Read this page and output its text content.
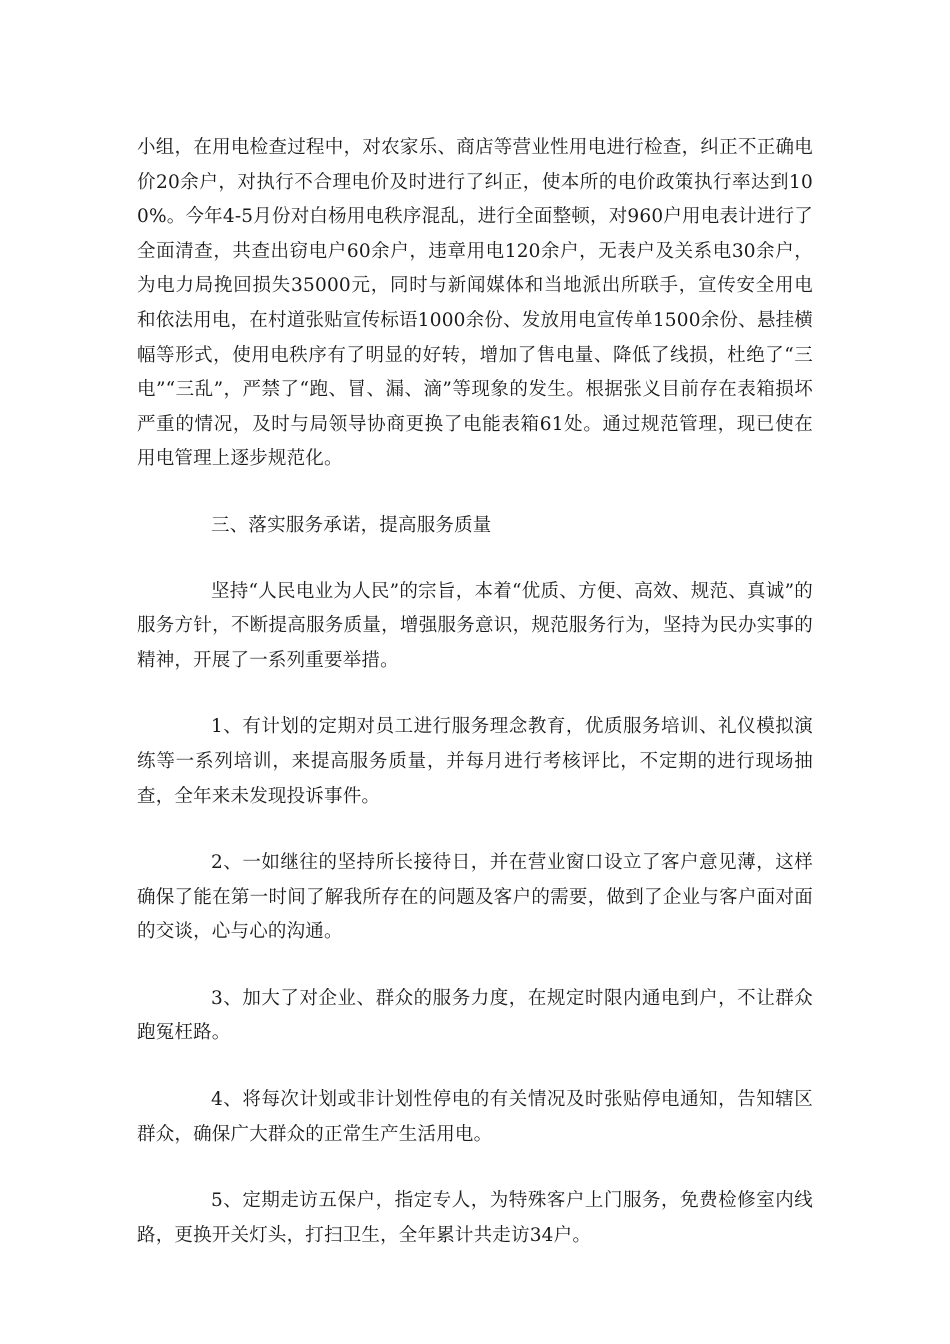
小组，在用电检查过程中，对农家乐、商店等营业性用电进行检查，纠正不正确电价20余户，对执行不合理电价及时进行了纠正，使本所的电价政策执行率达到100%。今年4-5月份对白杨用电秩序混乱，进行全面整顿，对960户用电表计进行了全面清查，共查出窃电户60余户，违章用电120余户，无表户及关系电30余户，为电力局挽回损失35000元，同时与新闻媒体和当地派出所联手，宣传安全用电和依法用电，在村道张贴宣传标语1000余份、发放用电宣传单1500余份、悬挂横幅等形式，使用电秩序有了明显的好转，增加了售电量、降低了线损，杜绝了“三电”“三乱”，严禁了“跑、冒、漏、滴”等现象的发生。根据张义目前存在表箱损坏严重的情况，及时与局领导协商更换了电能表箱61处。通过规范管理，现已使在用电管理上逐步规范化。

三、落实服务承诺，提高服务质量

坚持“人民电业为人民”的宗旨，本着“优质、方便、高效、规范、真诚”的服务方针，不断提高服务质量，增强服务意识，规范服务行为，坚持为民办实事的精神，开展了一系列重要举措。

1、有计划的定期对员工进行服务理念教育，优质服务培训、礼仪模拟演练等一系列培训，来提高服务质量，并每月进行考核评比，不定期的进行现场抽查，全年来未发现投诉事件。

2、一如继往的坚持所长接待日，并在营业窗口设立了客户意见薄，这样确保了能在第一时间了解我所存在的问题及客户的需要，做到了企业与客户面对面的交谈，心与心的沟通。

3、加大了对企业、群众的服务力度，在规定时限内通电到户，不让群众跑冤枉路。

4、将每次计划或非计划性停电的有关情况及时张贴停电通知，告知辖区群众，确保广大群众的正常生产生活用电。

5、定期走访五保户，指定专人，为特殊客户上门服务，免费检修室内线路，更换开关灯头，打扫卫生，全年累计共走访34户。
